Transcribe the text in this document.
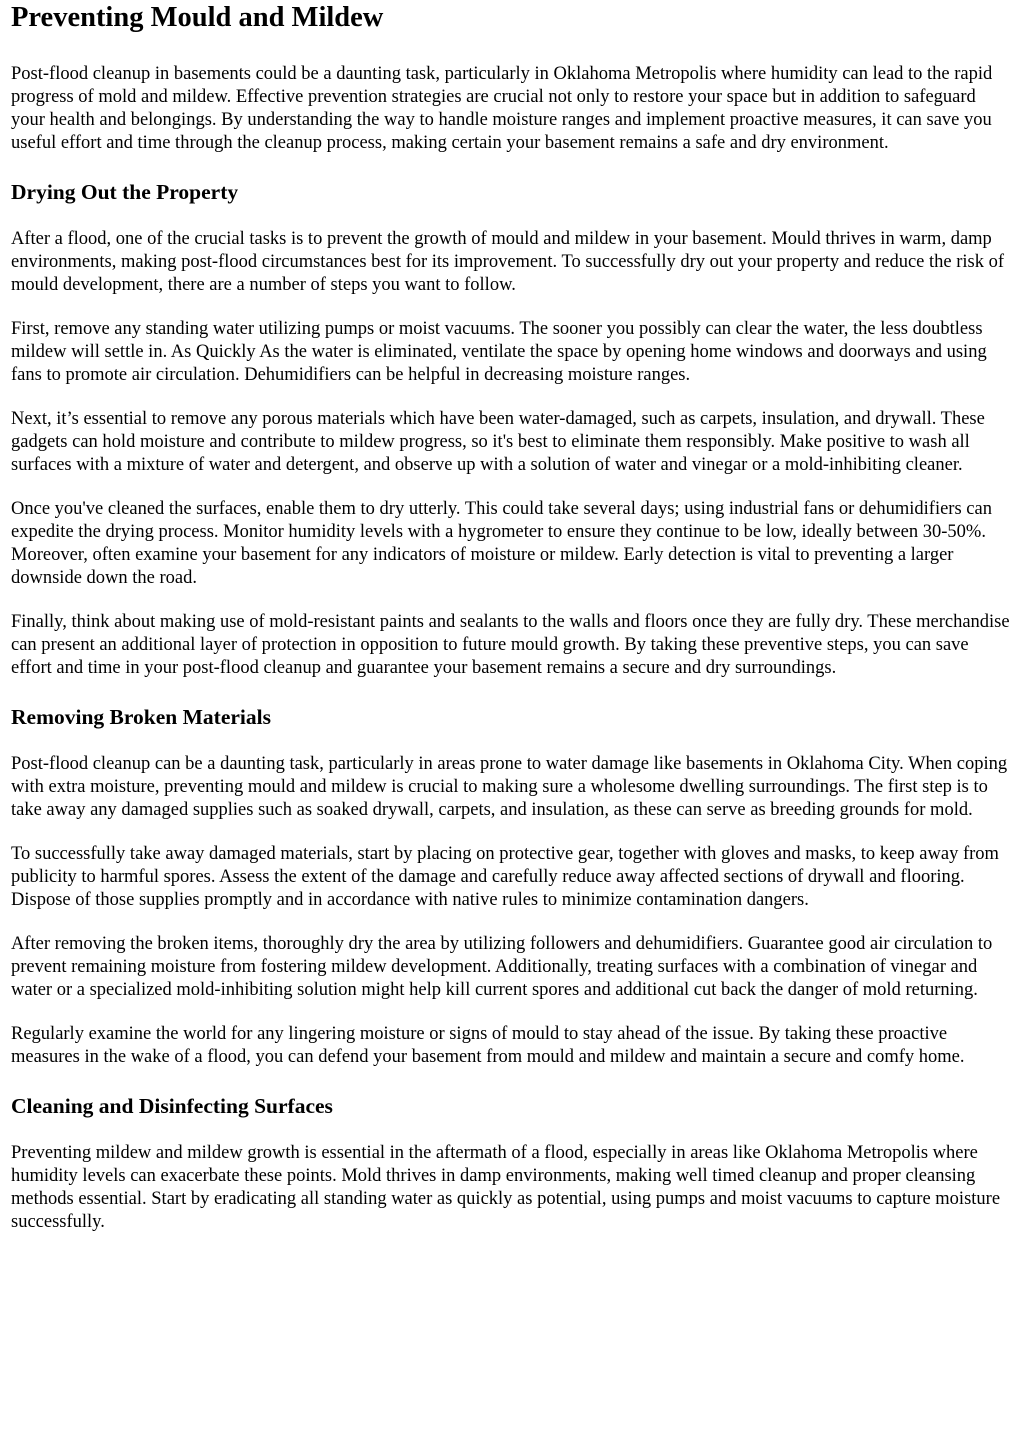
Preventing Mould and Mildew

Post-flood cleanup in basements could be a daunting task, particularly in Oklahoma Metropolis where humidity can lead to the rapid progress of mold and mildew. Effective prevention strategies are crucial not only to restore your space but in addition to safeguard your health and belongings. By understanding the way to handle moisture ranges and implement proactive measures, it can save you useful effort and time through the cleanup process, making certain your basement remains a safe and dry environment.

Drying Out the Property

After a flood, one of the crucial tasks is to prevent the growth of mould and mildew in your basement. Mould thrives in warm, damp environments, making post-flood circumstances best for its improvement. To successfully dry out your property and reduce the risk of mould development, there are a number of steps you want to follow.

First, remove any standing water utilizing pumps or moist vacuums. The sooner you possibly can clear the water, the less doubtless mildew will settle in. As Quickly As the water is eliminated, ventilate the space by opening home windows and doorways and using fans to promote air circulation. Dehumidifiers can be helpful in decreasing moisture ranges.

Next, it’s essential to remove any porous materials which have been water-damaged, such as carpets, insulation, and drywall. These gadgets can hold moisture and contribute to mildew progress, so it's best to eliminate them responsibly. Make positive to wash all surfaces with a mixture of water and detergent, and observe up with a solution of water and vinegar or a mold-inhibiting cleaner.

Once you've cleaned the surfaces, enable them to dry utterly. This could take several days; using industrial fans or dehumidifiers can expedite the drying process. Monitor humidity levels with a hygrometer to ensure they continue to be low, ideally between 30-50%. Moreover, often examine your basement for any indicators of moisture or mildew. Early detection is vital to preventing a larger downside down the road.

Finally, think about making use of mold-resistant paints and sealants to the walls and floors once they are fully dry. These merchandise can present an additional layer of protection in opposition to future mould growth. By taking these preventive steps, you can save effort and time in your post-flood cleanup and guarantee your basement remains a secure and dry surroundings.

Removing Broken Materials

Post-flood cleanup can be a daunting task, particularly in areas prone to water damage like basements in Oklahoma City. When coping with extra moisture, preventing mould and mildew is crucial to making sure a wholesome dwelling surroundings. The first step is to take away any damaged supplies such as soaked drywall, carpets, and insulation, as these can serve as breeding grounds for mold.

To successfully take away damaged materials, start by placing on protective gear, together with gloves and masks, to keep away from publicity to harmful spores. Assess the extent of the damage and carefully reduce away affected sections of drywall and flooring. Dispose of those supplies promptly and in accordance with native rules to minimize contamination dangers.

After removing the broken items, thoroughly dry the area by utilizing followers and dehumidifiers. Guarantee good air circulation to prevent remaining moisture from fostering mildew development. Additionally, treating surfaces with a combination of vinegar and water or a specialized mold-inhibiting solution might help kill current spores and additional cut back the danger of mold returning.

Regularly examine the world for any lingering moisture or signs of mould to stay ahead of the issue. By taking these proactive measures in the wake of a flood, you can defend your basement from mould and mildew and maintain a secure and comfy home.

Cleaning and Disinfecting Surfaces

Preventing mildew and mildew growth is essential in the aftermath of a flood, especially in areas like Oklahoma Metropolis where humidity levels can exacerbate these points. Mold thrives in damp environments, making well timed cleanup and proper cleansing methods essential. Start by eradicating all standing water as quickly as potential, using pumps and moist vacuums to capture moisture successfully.
